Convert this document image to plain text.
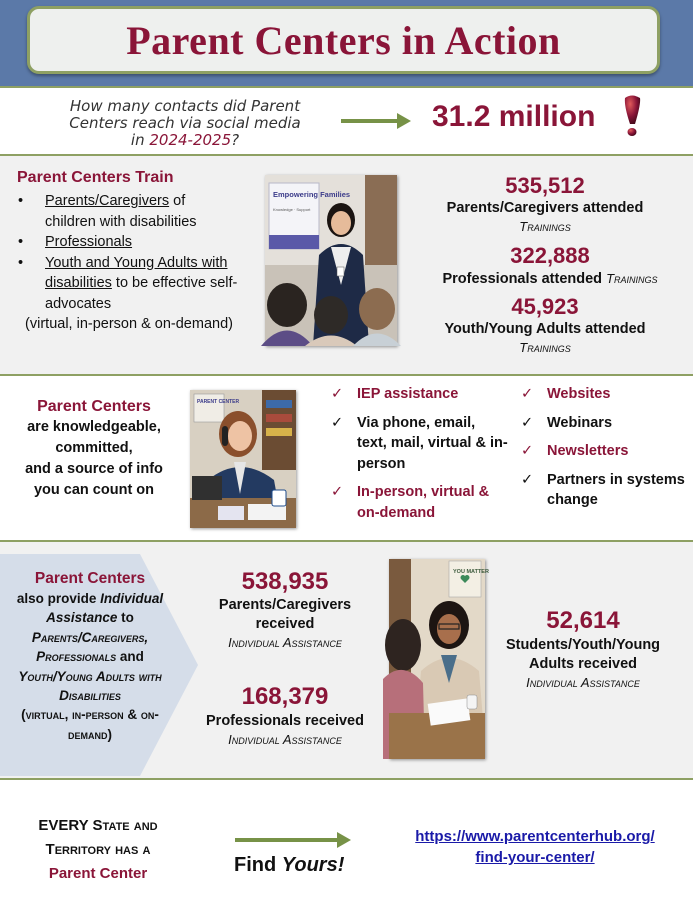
Parent Centers in Action
How many contacts did Parent
Centers reach via social media
in 2024-2025?
31.2 million
Parent Centers Train
• Parents/Caregivers of children with disabilities
• Professionals
• Youth and Young Adults with disabilities to be effective self-advocates
(virtual, in-person & on-demand)
535,512
Parents/Caregivers attended
Trainings
322,888
Professionals attended Trainings
45,923
Youth/Young Adults attended
Trainings
Empowering Families
Knowledge · Support
Parent Centers
are knowledgeable,
committed,
and a source of info
you can count on
✓ IEP assistance
✓ Via phone, email, text, mail, virtual & in-person
✓ In-person, virtual & on-demand
✓ Websites
✓ Webinars
✓ Newsletters
✓ Partners in systems change
PARENT CENTER
Parent Centers
also provide Individual Assistance to
Parents/Caregivers,
Professionals and
Youth/Young Adults with Disabilities
(virtual, in-person & on-demand)
538,935
Parents/Caregivers received
Individual Assistance
168,379
Professionals received
Individual Assistance
52,614
Students/Youth/Young Adults received
Individual Assistance
YOU MATTER
EVERY State and
Territory has a
Parent Center	Find Yours!
https://www.parentcenterhub.org/
find-your-center/
